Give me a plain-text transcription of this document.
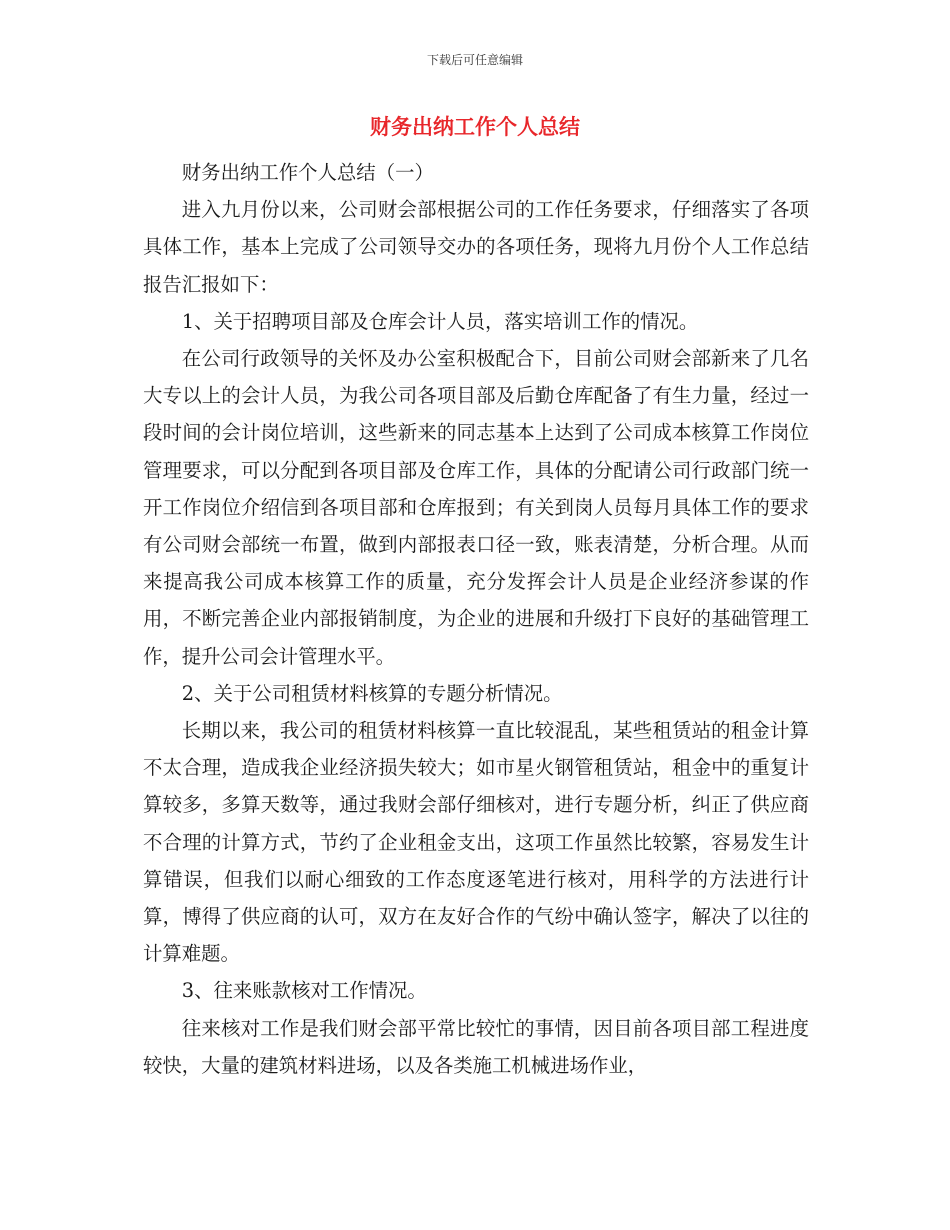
下载后可任意编辑
财务出纳工作个人总结

财务出纳工作个人总结（一）

进入九月份以来，公司财会部根据公司的工作任务要求，仔细落实了各项具体工作，基本上完成了公司领导交办的各项任务，现将九月份个人工作总结报告汇报如下：

1、关于招聘项目部及仓库会计人员，落实培训工作的情况。

在公司行政领导的关怀及办公室积极配合下，目前公司财会部新来了几名大专以上的会计人员，为我公司各项目部及后勤仓库配备了有生力量，经过一段时间的会计岗位培训，这些新来的同志基本上达到了公司成本核算工作岗位管理要求，可以分配到各项目部及仓库工作，具体的分配请公司行政部门统一开工作岗位介绍信到各项目部和仓库报到；有关到岗人员每月具体工作的要求有公司财会部统一布置，做到内部报表口径一致，账表清楚，分析合理。从而来提高我公司成本核算工作的质量，充分发挥会计人员是企业经济参谋的作用，不断完善企业内部报销制度，为企业的进展和升级打下良好的基础管理工作，提升公司会计管理水平。

2、关于公司租赁材料核算的专题分析情况。

长期以来，我公司的租赁材料核算一直比较混乱，某些租赁站的租金计算不太合理，造成我企业经济损失较大；如市星火钢管租赁站，租金中的重复计算较多，多算天数等，通过我财会部仔细核对，进行专题分析，纠正了供应商不合理的计算方式，节约了企业租金支出，这项工作虽然比较繁，容易发生计算错误，但我们以耐心细致的工作态度逐笔进行核对，用科学的方法进行计算，博得了供应商的认可，双方在友好合作的气纷中确认签字，解决了以往的计算难题。

3、往来账款核对工作情况。

往来核对工作是我们财会部平常比较忙的事情，因目前各项目部工程进度较快，大量的建筑材料进场，以及各类施工机械进场作业，
